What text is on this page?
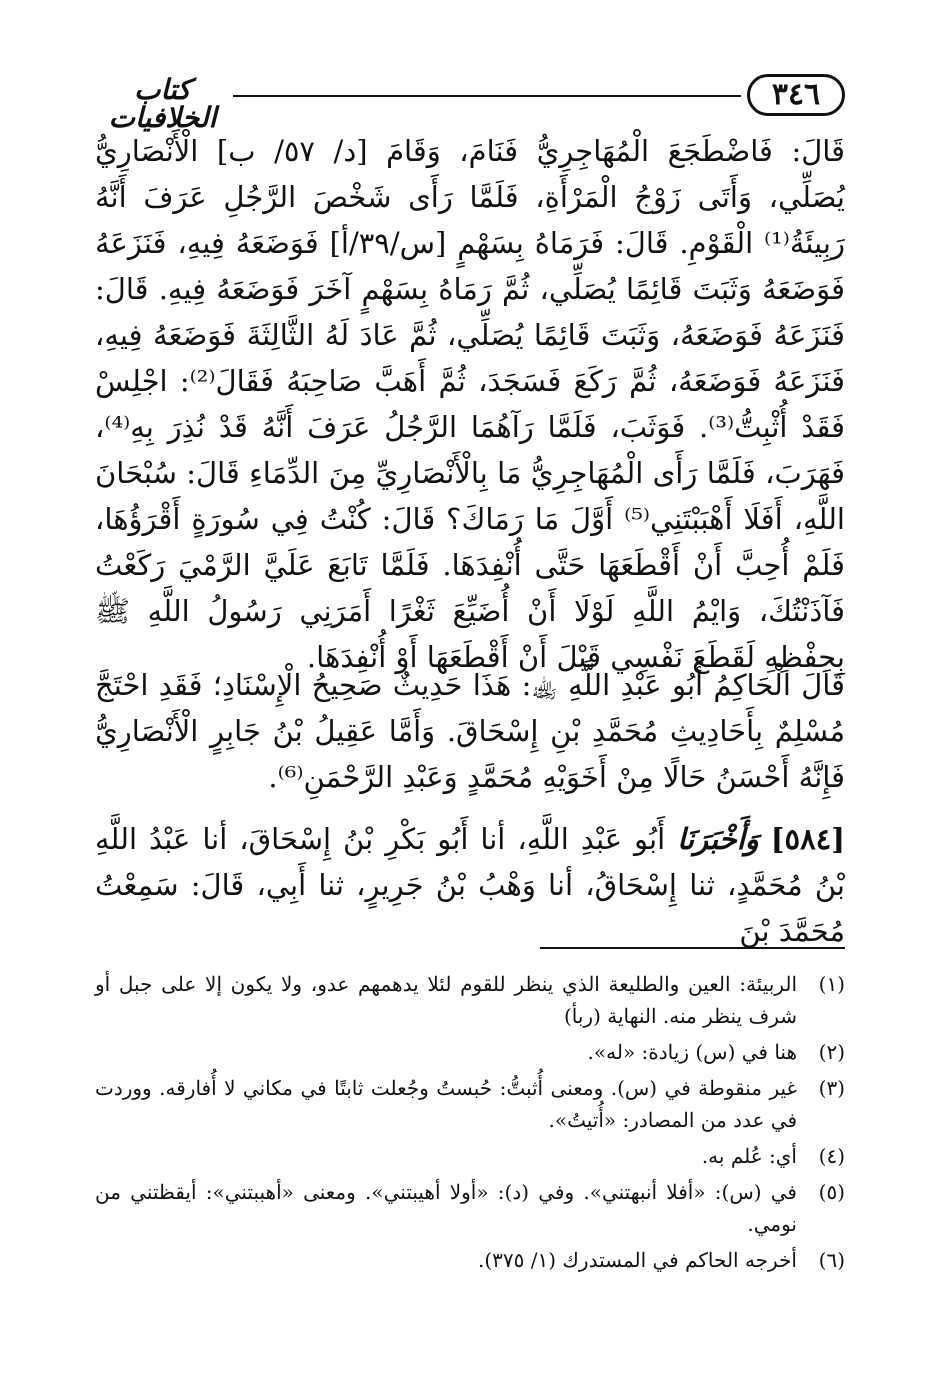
٣٤٦
كتاب الخلافيات

قَالَ: فَاضْطَجَعَ الْمُهَاجِرِيُّ فَنَامَ، وَقَامَ [د/ ٥٧/ ب] الْأَنْصَارِيُّ يُصَلِّي، وَأَتَى زَوْجُ الْمَرْأَةِ، فَلَمَّا رَأَى شَخْصَ الرَّجُلِ عَرَفَ أَنَّهُ رَبِيئَةُ⁽¹⁾ الْقَوْمِ. قَالَ: فَرَمَاهُ بِسَهْمٍ [س/٣٩/أ] فَوَضَعَهُ فِيهِ، فَنَزَعَهُ فَوَضَعَهُ وَثَبَتَ قَائِمًا يُصَلِّي، ثُمَّ رَمَاهُ بِسَهْمٍ آخَرَ فَوَضَعَهُ فِيهِ. قَالَ: فَنَزَعَهُ فَوَضَعَهُ، وَثَبَتَ قَائِمًا يُصَلِّي، ثُمَّ عَادَ لَهُ الثَّالِثَةَ فَوَضَعَهُ فِيهِ، فَنَزَعَهُ فَوَضَعَهُ، ثُمَّ رَكَعَ فَسَجَدَ، ثُمَّ أَهَبَّ صَاحِبَهُ فَقَالَ⁽²⁾: اجْلِسْ فَقَدْ أُثْبِتُّ⁽³⁾. فَوَثَبَ، فَلَمَّا رَآهُمَا الرَّجُلُ عَرَفَ أَنَّهُ قَدْ نُذِرَ بِهِ⁽⁴⁾، فَهَرَبَ، فَلَمَّا رَأَى الْمُهَاجِرِيُّ مَا بِالْأَنْصَارِيِّ مِنَ الدِّمَاءِ قَالَ: سُبْحَانَ اللَّهِ، أَفَلَا أَهْبَبْتَنِي⁽⁵⁾ أَوَّلَ مَا رَمَاكَ؟ قَالَ: كُنْتُ فِي سُورَةٍ أَقْرَؤُهَا، فَلَمْ أُحِبَّ أَنْ أَقْطَعَهَا حَتَّى أُنْفِدَهَا. فَلَمَّا تَابَعَ عَلَيَّ الرَّمْيَ رَكَعْتُ فَآذَنْتُكَ، وَايْمُ اللَّهِ لَوْلَا أَنْ أُضَيِّعَ ثَغْرًا أَمَرَنِي رَسُولُ اللَّهِ ﷺ بِحِفْظِهِ لَقَطَعَ نَفْسِي قَبْلَ أَنْ أَقْطَعَهَا أَوْ أُنْفِدَهَا.

قَالَ الْحَاكِمُ أَبُو عَبْدِ اللَّهِ ﵀: هَذَا حَدِيثٌ صَحِيحُ الْإِسْنَادِ؛ فَقَدِ احْتَجَّ مُسْلِمٌ بِأَحَادِيثِ مُحَمَّدِ بْنِ إِسْحَاقَ. وَأَمَّا عَقِيلُ بْنُ جَابِرٍ الْأَنْصَارِيُّ فَإِنَّهُ أَحْسَنُ حَالًا مِنْ أَخَوَيْهِ مُحَمَّدٍ وَعَبْدِ الرَّحْمَنِ⁽⁶⁾.

[٥٨٤] وَأَخْبَرَنَا أَبُو عَبْدِ اللَّهِ، أنا أَبُو بَكْرِ بْنُ إِسْحَاقَ، أنا عَبْدُ اللَّهِ بْنُ مُحَمَّدٍ، ثنا إِسْحَاقُ، أنا وَهْبُ بْنُ جَرِيرٍ، ثنا أَبِي، قَالَ: سَمِعْتُ مُحَمَّدَ بْنَ

(١)
الربيئة: العين والطليعة الذي ينظر للقوم لئلا يدهمهم عدو، ولا يكون إلا على جبل أو شرف ينظر منه. النهاية (ربأ)
(٢)
هنا في (س) زيادة: «له».
(٣)
غير منقوطة في (س). ومعنى أُثبتُّ: حُبستُ وجُعلت ثابتًا في مكاني لا أُفارقه. ووردت في عدد من المصادر: «أُتيتُ».
(٤)
أي: عُلم به.
(٥)
في (س): «أفلا أنبهتني». وفي (د): «أولا أهيبتني». ومعنى «أهببتني»: أيقظتني من نومي.
(٦)
أخرجه الحاكم في المستدرك (١/ ٣٧٥).
